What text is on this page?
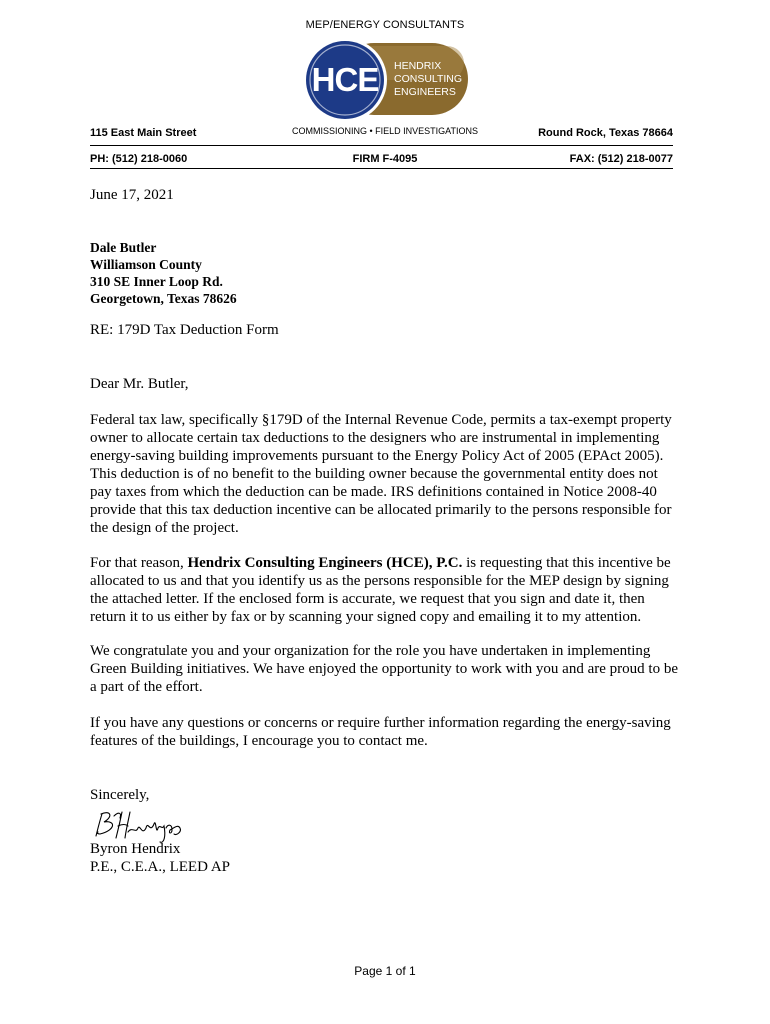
MEP/ENERGY CONSULTANTS
HCE HENDRIX
CONSULTING
ENGINEERS
COMMISSIONING • FIELD INVESTIGATIONS
115 East Main Street	Round Rock, Texas 78664
PH: (512) 218-0060	FIRM F-4095	FAX: (512) 218-0077
June 17, 2021
Dale Butler
Williamson County
310 SE Inner Loop Rd.
Georgetown, Texas 78626
RE: 179D Tax Deduction Form
Dear Mr. Butler,

Federal tax law, specifically §179D of the Internal Revenue Code, permits a tax-exempt property owner to allocate certain tax deductions to the designers who are instrumental in implementing energy-saving building improvements pursuant to the Energy Policy Act of 2005 (EPAct 2005). This deduction is of no benefit to the building owner because the governmental entity does not pay taxes from which the deduction can be made. IRS definitions contained in Notice 2008-40 provide that this tax deduction incentive can be allocated primarily to the persons responsible for the design of the project.

For that reason, Hendrix Consulting Engineers (HCE), P.C. is requesting that this incentive be allocated to us and that you identify us as the persons responsible for the MEP design by signing the attached letter. If the enclosed form is accurate, we request that you sign and date it, then return it to us either by fax or by scanning your signed copy and emailing it to my attention.

We congratulate you and your organization for the role you have undertaken in implementing Green Building initiatives. We have enjoyed the opportunity to work with you and are proud to be a part of the effort.

If you have any questions or concerns or require further information regarding the energy-saving features of the buildings, I encourage you to contact me.

Sincerely,
Byron Hendrix
P.E., C.E.A., LEED AP
Page 1 of 1
